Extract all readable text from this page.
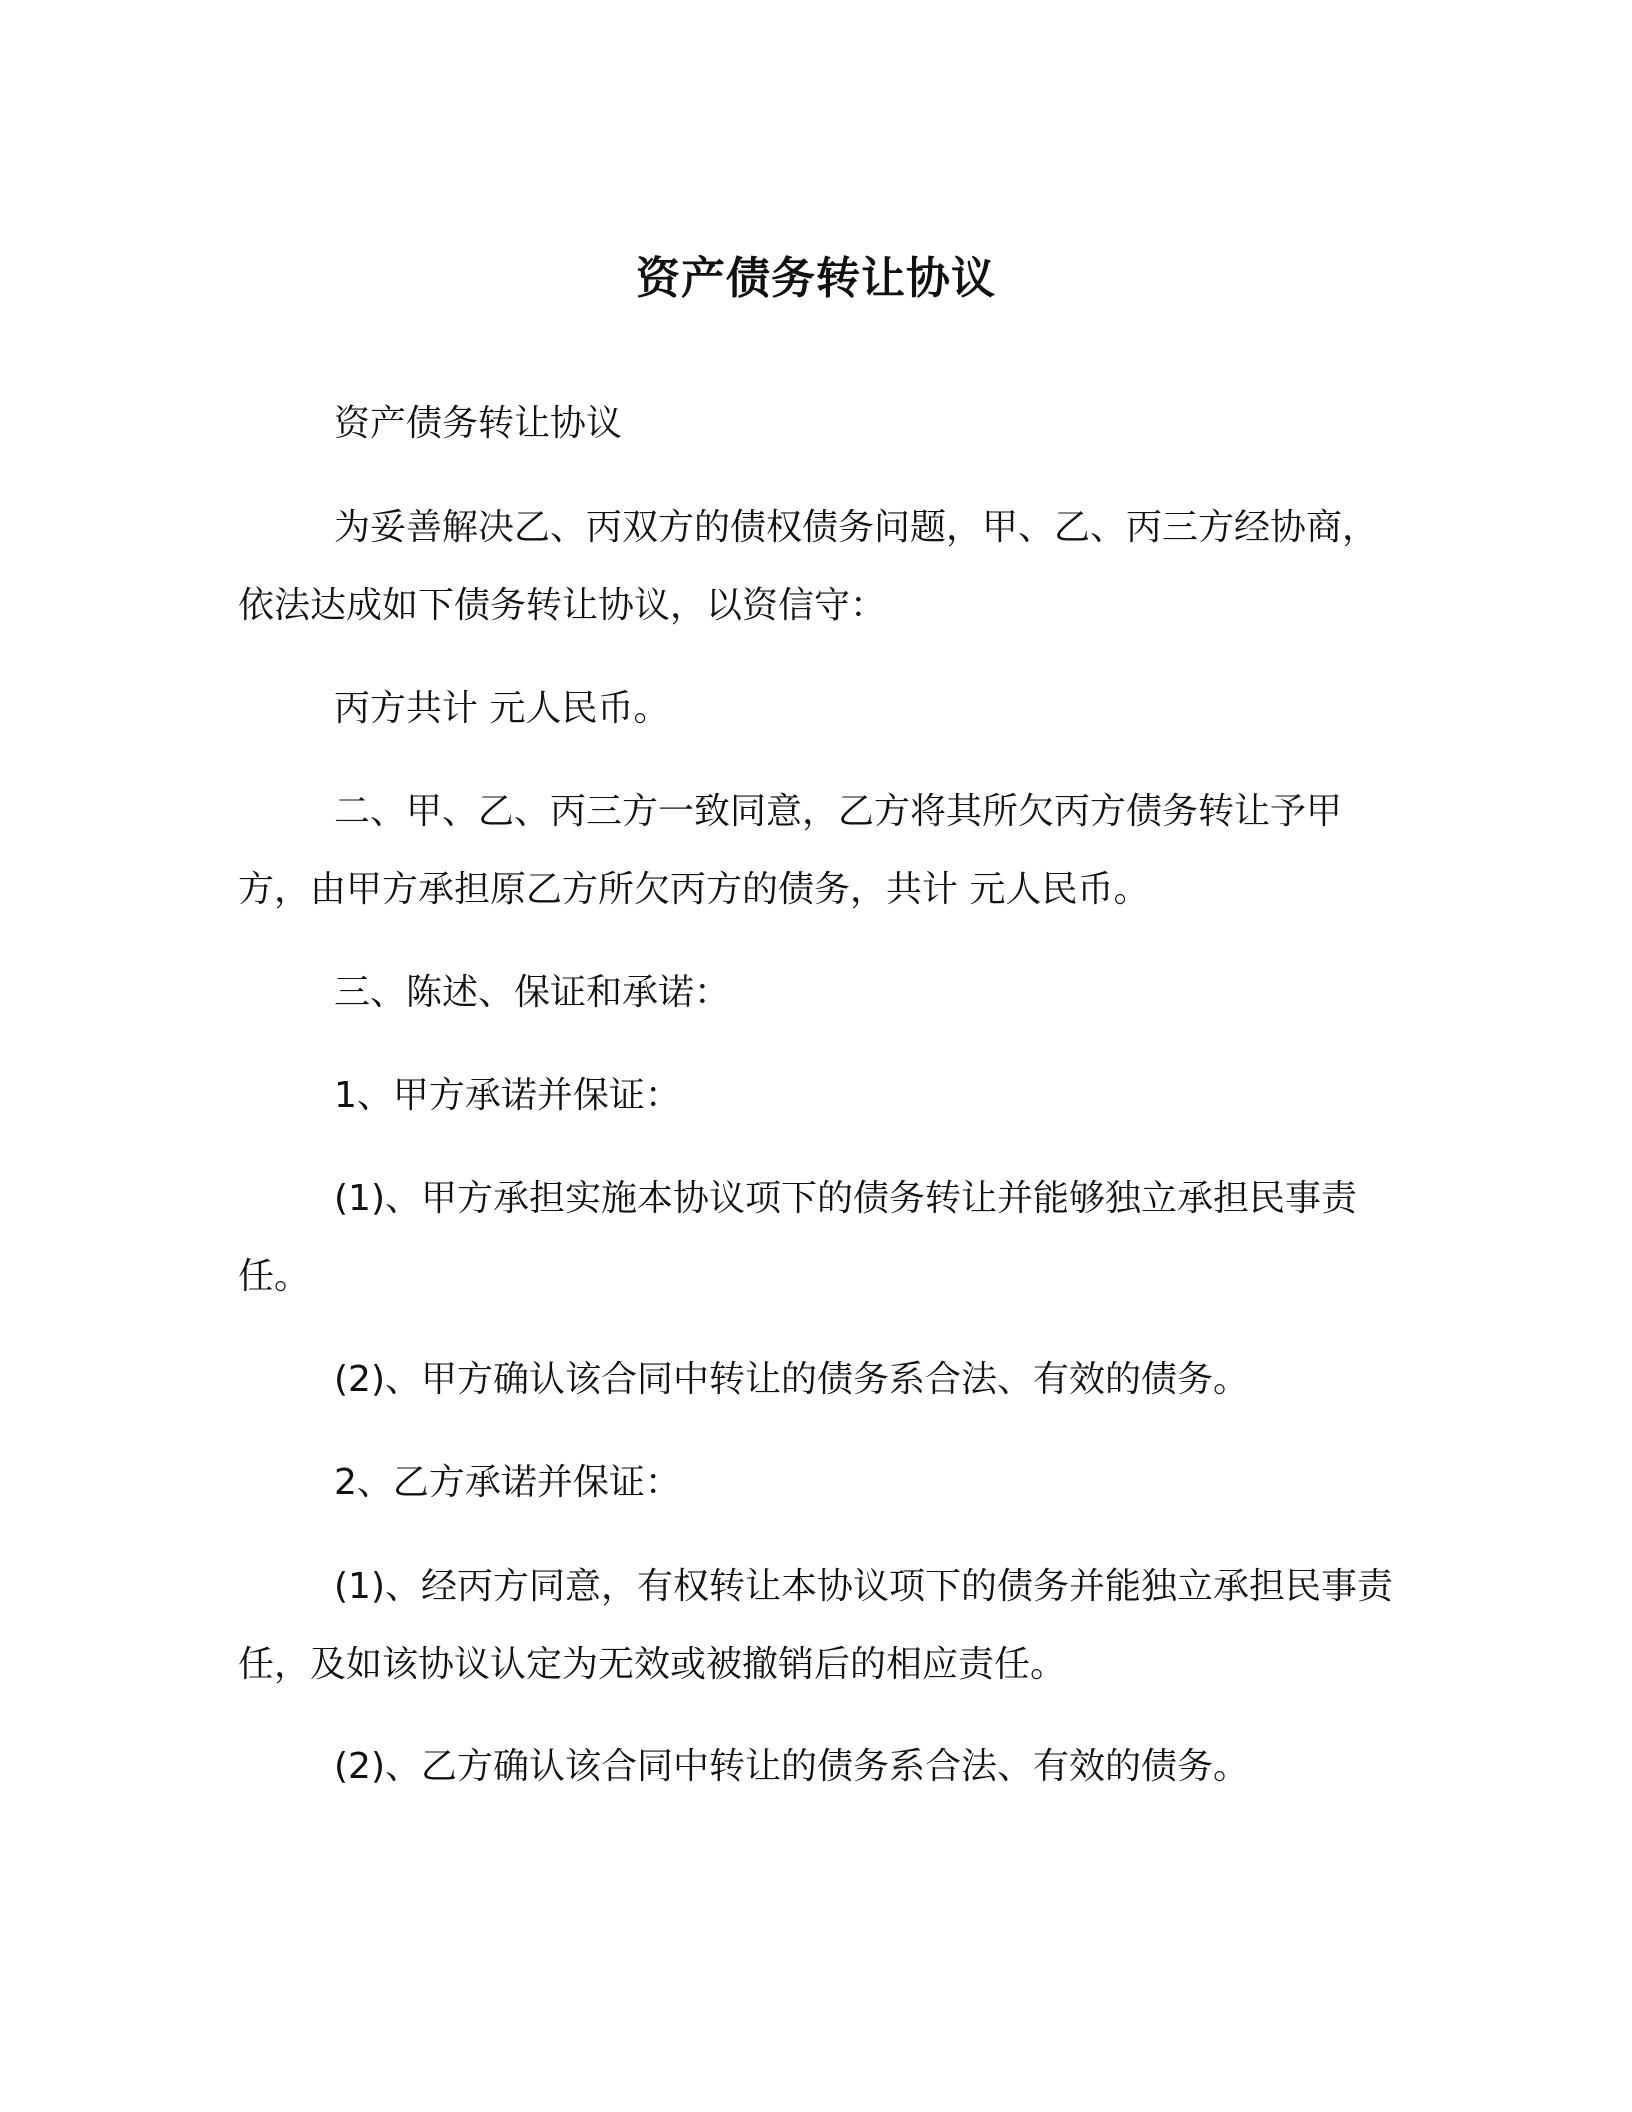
资产债务转让协议

资产债务转让协议

为妥善解决乙、丙双方的债权债务问题，甲、乙、丙三方经协商，依法达成如下债务转让协议，以资信守：

丙方共计 元人民币。

二、甲、乙、丙三方一致同意，乙方将其所欠丙方债务转让予甲方，由甲方承担原乙方所欠丙方的债务，共计 元人民币。

三、陈述、保证和承诺：

1、甲方承诺并保证：

(1)、甲方承担实施本协议项下的债务转让并能够独立承担民事责任。

(2)、甲方确认该合同中转让的债务系合法、有效的债务。

2、乙方承诺并保证：

(1)、经丙方同意，有权转让本协议项下的债务并能独立承担民事责任，及如该协议认定为无效或被撤销后的相应责任。

(2)、乙方确认该合同中转让的债务系合法、有效的债务。
